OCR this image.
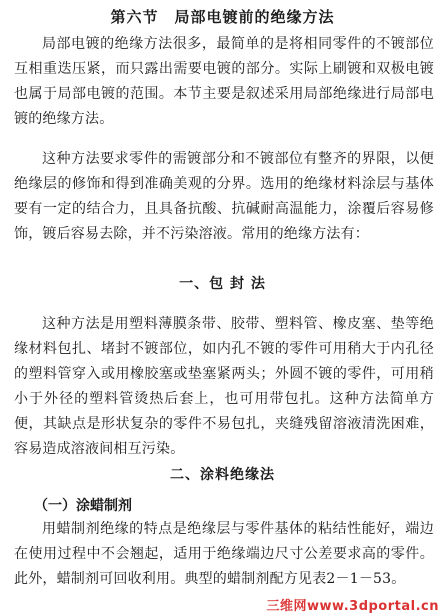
第六节　局部电镀前的绝缘方法

局部电镀的绝缘方法很多，最简单的是将相同零件的不镀部位互相重迭压紧，而只露出需要电镀的部分。实际上刷镀和双极电镀也属于局部电镀的范围。本节主要是叙述采用局部绝缘进行局部电镀的绝缘方法。

这种方法要求零件的需镀部分和不镀部位有整齐的界限，以便绝缘层的修饰和得到准确美观的分界。选用的绝缘材料涂层与基体要有一定的结合力，且具备抗酸、抗碱耐高温能力，涂覆后容易修饰，镀后容易去除，并不污染溶液。常用的绝缘方法有：

一、包 封 法

这种方法是用塑料薄膜条带、胶带、塑料管、橡皮塞、垫等绝缘材料包扎、堵封不镀部位，如内孔不镀的零件可用稍大于内孔径的塑料管穿入或用橡胶塞或垫塞紧两头；外圆不镀的零件，可用稍小于外径的塑料管烫热后套上，也可用带包扎。这种方法简单方便，其缺点是形状复杂的零件不易包扎，夹缝残留溶液清洗困难，容易造成溶液间相互污染。

二、涂料绝缘法
（一）涂蜡制剂

用蜡制剂绝缘的特点是绝缘层与零件基体的粘结性能好，端边在使用过程中不会翘起，适用于绝缘端边尺寸公差要求高的零件。此外，蜡制剂可回收利用。典型的蜡制剂配方见表2－1－53。

三维网www.3dportal.cn
